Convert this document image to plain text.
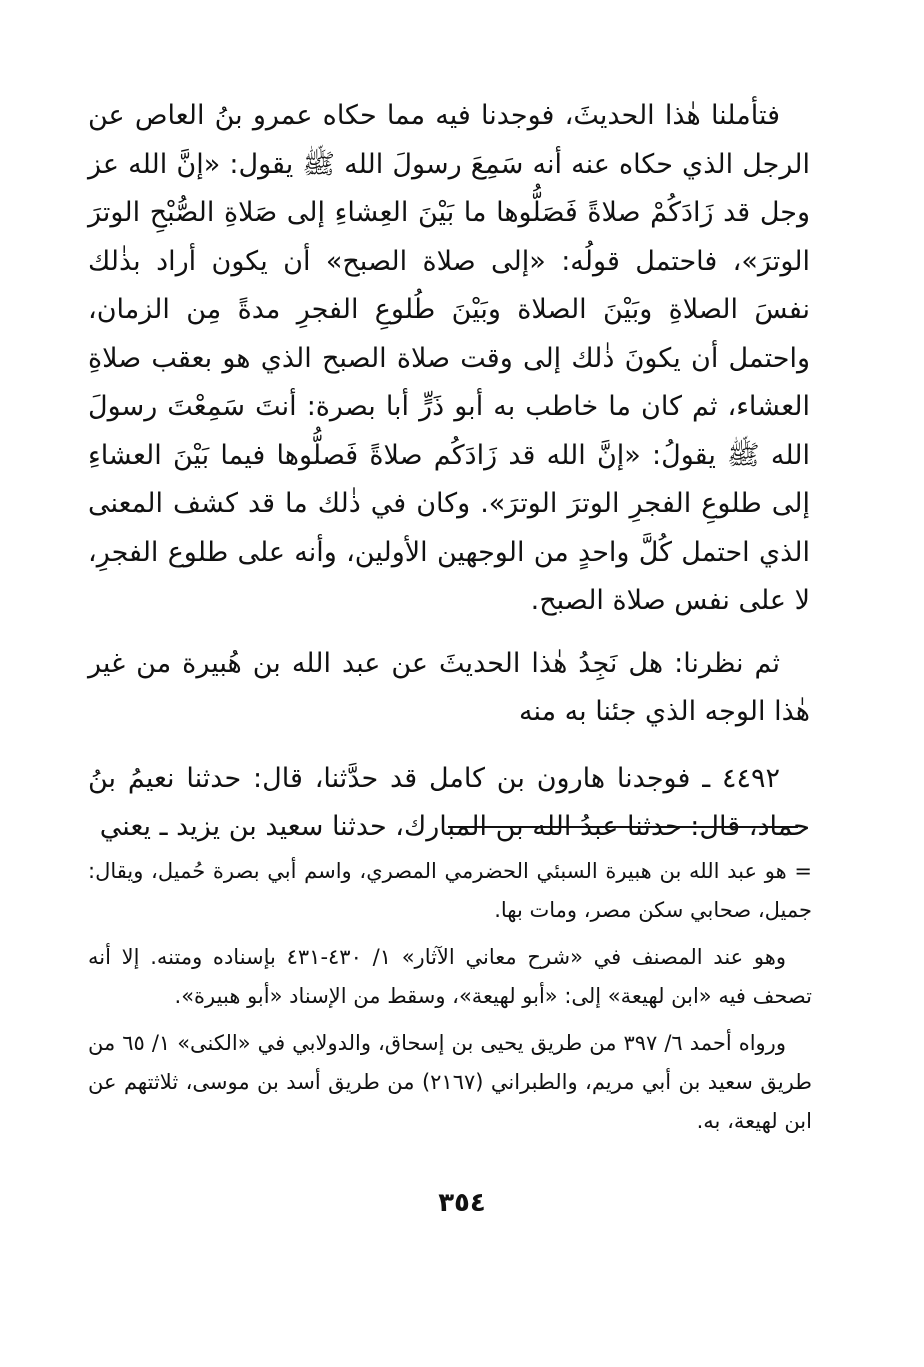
فتأملنا هٰذا الحديثَ، فوجدنا فيه مما حكاه عمرو بنُ العاص عن الرجل الذي حكاه عنه أنه سَمِعَ رسولَ الله ﷺ يقول: «إنَّ الله عز وجل قد زَادَكُمْ صلاةً فَصَلُّوها ما بَيْنَ العِشاءِ إلى صَلاةِ الصُّبْحِ الوترَ الوترَ»، فاحتمل قولُه: «إلى صلاة الصبح» أن يكون أراد بذٰلك نفسَ الصلاةِ وبَيْنَ الصلاة وبَيْنَ طُلوعِ الفجرِ مدةً مِن الزمان، واحتمل أن يكونَ ذٰلك إلى وقت صلاة الصبح الذي هو بعقب صلاةِ العشاء، ثم كان ما خاطب به أبو ذَرٍّ أبا بصرة: أنتَ سَمِعْتَ رسولَ الله ﷺ يقولُ: «إنَّ الله قد زَادَكُم صلاةً فَصلُّوها فيما بَيْنَ العشاءِ إلى طلوعِ الفجرِ الوترَ الوترَ». وكان في ذٰلك ما قد كشف المعنى الذي احتمل كُلَّ واحدٍ من الوجهين الأولين، وأنه على طلوع الفجرِ، لا على نفس صلاة الصبح.

ثم نظرنا: هل نَجِدُ هٰذا الحديثَ عن عبد الله بن هُبيرة من غير هٰذا الوجه الذي جئنا به منه

٤٤٩٢ ـ فوجدنا هارون بن كامل قد حدَّثنا، قال: حدثنا نعيمُ بنُ حماد، قال: حدثنا عبدُ الله بن المبارك، حدثنا سعيد بن يزيد ـ يعني

= هو عبد الله بن هبيرة السبئي الحضرمي المصري، واسم أبي بصرة حُميل، ويقال: جميل، صحابي سكن مصر، ومات بها.

وهو عند المصنف في «شرح معاني الآثار» ١/ ٤٣٠-٤٣١ بإسناده ومتنه. إلا أنه تصحف فيه «ابن لهيعة» إلى: «أبو لهيعة»، وسقط من الإسناد «أبو هبيرة».

ورواه أحمد ٦/ ٣٩٧ من طريق يحيى بن إسحاق، والدولابي في «الكنى» ١/ ٦٥ من طريق سعيد بن أبي مريم، والطبراني (٢١٦٧) من طريق أسد بن موسى، ثلاثتهم عن ابن لهيعة، به.

٣٥٤
